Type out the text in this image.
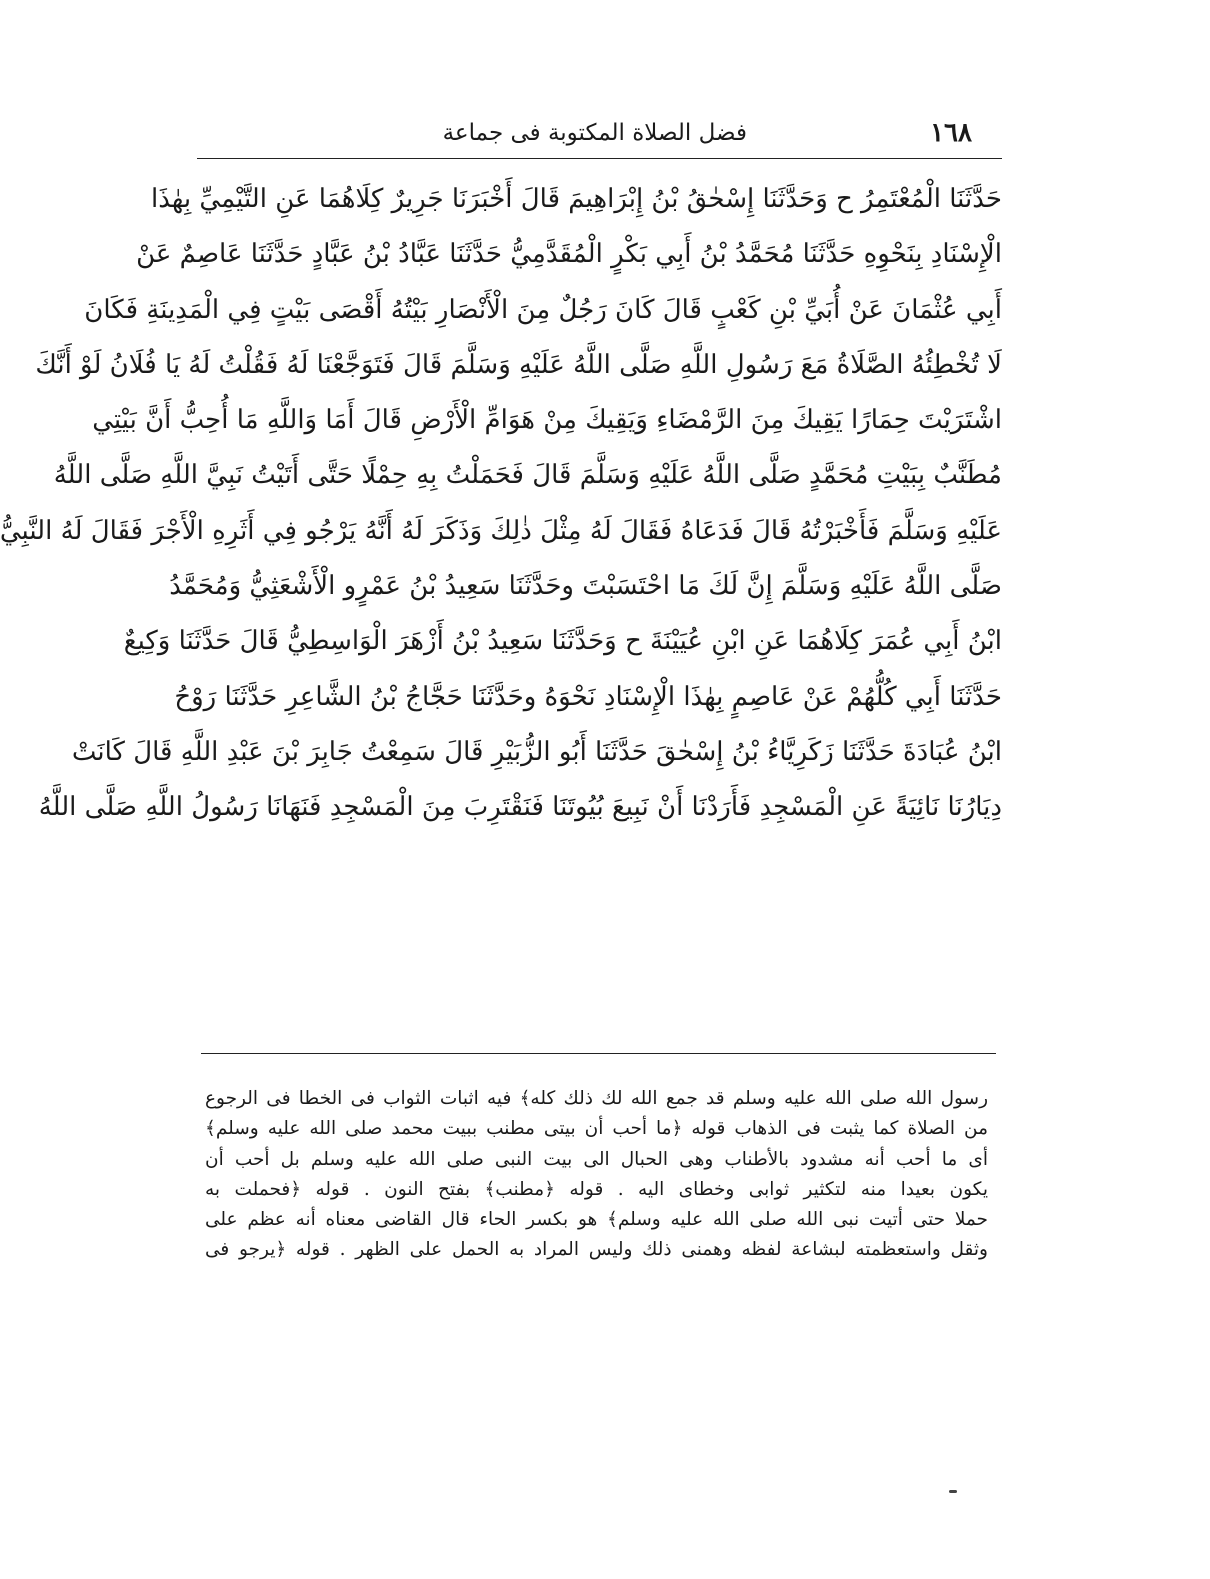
١٦٨
فضل الصلاة المكتوبة فى جماعة
حَدَّثَنَا الْمُعْتَمِرُ ح وَحَدَّثَنَا إِسْحٰقُ بْنُ إِبْرَاهِيمَ قَالَ أَخْبَرَنَا جَرِيرٌ كِلَاهُمَا عَنِ التَّيْمِيِّ بِهٰذَا
الْإِسْنَادِ بِنَحْوِهِ حَدَّثَنَا مُحَمَّدُ بْنُ أَبِي بَكْرٍ الْمُقَدَّمِيُّ حَدَّثَنَا عَبَّادُ بْنُ عَبَّادٍ حَدَّثَنَا عَاصِمٌ عَنْ
أَبِي عُثْمَانَ عَنْ أُبَيِّ بْنِ كَعْبٍ قَالَ كَانَ رَجُلٌ مِنَ الْأَنْصَارِ بَيْتُهُ أَقْصَى بَيْتٍ فِي الْمَدِينَةِ فَكَانَ
لَا تُخْطِئُهُ الصَّلَاةُ مَعَ رَسُولِ اللَّهِ صَلَّى اللَّهُ عَلَيْهِ وَسَلَّمَ قَالَ فَتَوَجَّعْنَا لَهُ فَقُلْتُ لَهُ يَا فُلَانُ لَوْ أَنَّكَ
اشْتَرَيْتَ حِمَارًا يَقِيكَ مِنَ الرَّمْضَاءِ وَيَقِيكَ مِنْ هَوَامِّ الْأَرْضِ قَالَ أَمَا وَاللَّهِ مَا أُحِبُّ أَنَّ بَيْتِي
مُطَنَّبٌ بِبَيْتِ مُحَمَّدٍ صَلَّى اللَّهُ عَلَيْهِ وَسَلَّمَ قَالَ فَحَمَلْتُ بِهِ حِمْلًا حَتَّى أَتَيْتُ نَبِيَّ اللَّهِ صَلَّى اللَّهُ
عَلَيْهِ وَسَلَّمَ فَأَخْبَرْتُهُ قَالَ فَدَعَاهُ فَقَالَ لَهُ مِثْلَ ذٰلِكَ وَذَكَرَ لَهُ أَنَّهُ يَرْجُو فِي أَثَرِهِ الْأَجْرَ فَقَالَ لَهُ النَّبِيُّ
صَلَّى اللَّهُ عَلَيْهِ وَسَلَّمَ إِنَّ لَكَ مَا احْتَسَبْتَ وحَدَّثَنَا سَعِيدُ بْنُ عَمْرٍو الْأَشْعَثِيُّ وَمُحَمَّدُ
ابْنُ أَبِي عُمَرَ كِلَاهُمَا عَنِ ابْنِ عُيَيْنَةَ ح وَحَدَّثَنَا سَعِيدُ بْنُ أَزْهَرَ الْوَاسِطِيُّ قَالَ حَدَّثَنَا وَكِيعٌ
حَدَّثَنَا أَبِي كُلُّهُمْ عَنْ عَاصِمٍ بِهٰذَا الْإِسْنَادِ نَحْوَهُ وحَدَّثَنَا حَجَّاجُ بْنُ الشَّاعِرِ حَدَّثَنَا رَوْحُ
ابْنُ عُبَادَةَ حَدَّثَنَا زَكَرِيَّاءُ بْنُ إِسْحٰقَ حَدَّثَنَا أَبُو الزُّبَيْرِ قَالَ سَمِعْتُ جَابِرَ بْنَ عَبْدِ اللَّهِ قَالَ كَانَتْ
دِيَارُنَا نَائِيَةً عَنِ الْمَسْجِدِ فَأَرَدْنَا أَنْ نَبِيعَ بُيُوتَنَا فَنَقْتَرِبَ مِنَ الْمَسْجِدِ فَنَهَانَا رَسُولُ اللَّهِ صَلَّى اللَّهُ
رسول الله صلى الله عليه وسلم قد جمع الله لك ذلك كله﴾ فيه اثبات الثواب فى الخطا فى الرجوع
من الصلاة كما يثبت فى الذهاب قوله ﴿ما أحب أن بيتى مطنب ببيت محمد صلى الله عليه وسلم﴾
أى ما أحب أنه مشدود بالأطناب وهى الحبال الى بيت النبى صلى الله عليه وسلم بل أحب أن
يكون بعيدا منه لتكثير ثوابى وخطاى اليه . قوله ﴿مطنب﴾ بفتح النون . قوله ﴿فحملت به
حملا حتى أتيت نبى الله صلى الله عليه وسلم﴾ هو بكسر الحاء قال القاضى معناه أنه عظم على
وثقل واستعظمته لبشاعة لفظه وهمنى ذلك وليس المراد به الحمل على الظهر . قوله ﴿يرجو فى
